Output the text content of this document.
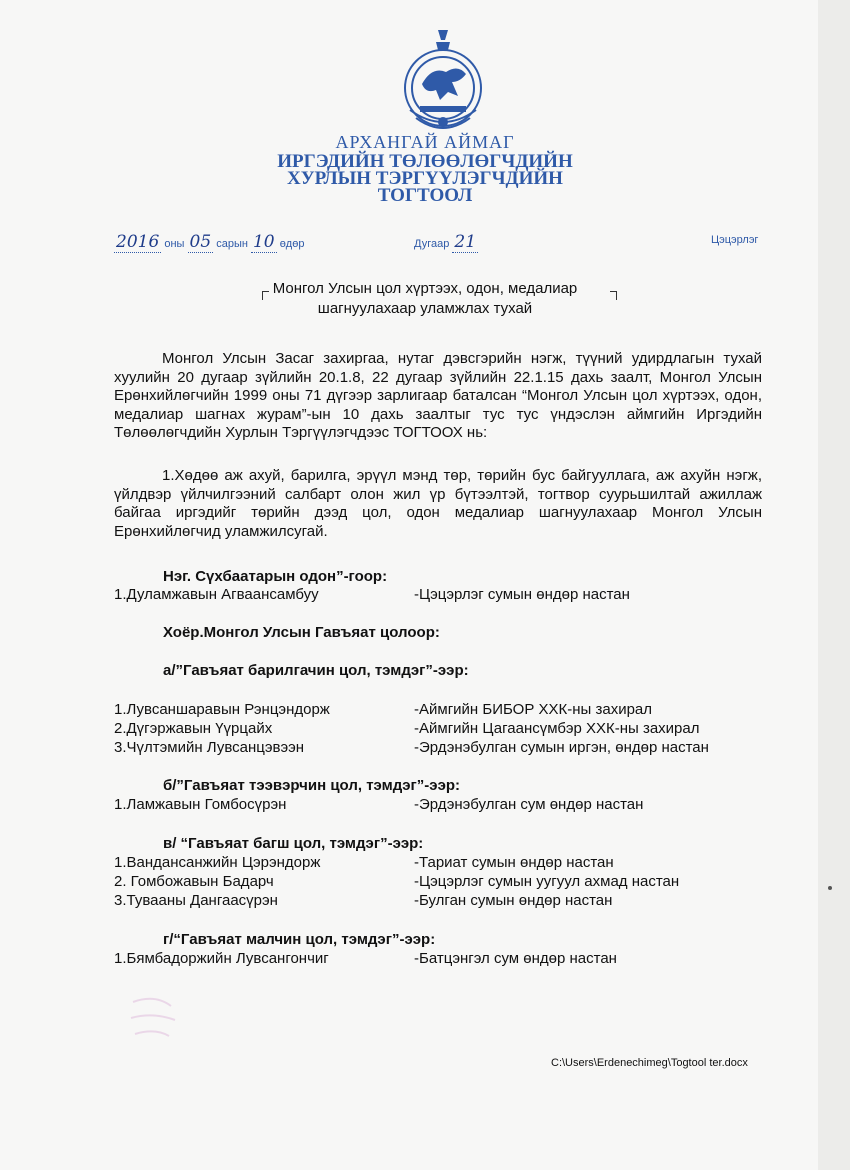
АРХАНГАЙ АЙМАГ
ИРГЭДИЙН ТӨЛӨӨЛӨГЧДИЙН
ХУРЛЫН ТЭРГҮҮЛЭГЧДИЙН
ТОГТООЛ
2016 оны 05 сарын 10 өдөр	Дугаар 21	Цэцэрлэг
Монгол Улсын цол хүртээх, одон, медалиар
шагнуулахаар уламжлах тухай
Монгол Улсын Засаг захиргаа, нутаг дэвсгэрийн нэгж, түүний удирдлагын тухай хуулийн 20 дугаар зүйлийн 20.1.8, 22 дугаар зүйлийн 22.1.15 дахь заалт, Монгол Улсын Ерөнхийлөгчийн 1999 оны 71 дүгээр зарлигаар баталсан “Монгол Улсын цол хүртээх, одон, медалиар шагнах журам”-ын 10 дахь заалтыг тус тус үндэслэн аймгийн Иргэдийн Төлөөлөгчдийн Хурлын Тэргүүлэгчдээс ТОГТООХ нь:
1.Хөдөө аж ахуй, барилга, эрүүл мэнд төр, төрийн бус байгууллага, аж ахуйн нэгж, үйлдвэр үйлчилгээний салбарт олон жил үр бүтээлтэй, тогтвор суурьшилтай ажиллаж байгаа иргэдийг төрийн дээд цол, одон медалиар шагнуулахаар Монгол Улсын Ерөнхийлөгчид уламжилсугай.
Нэг. Сүхбаатарын одон”-гоор:
1.Дуламжавын Агваансамбуу	-Цэцэрлэг сумын өндөр настан
Хоёр.Монгол Улсын Гавъяат цолоор:
а/”Гавъяат барилгачин цол, тэмдэг”-ээр:
1.Лувсаншаравын Рэнцэндорж	-Аймгийн БИБОР ХХК-ны захирал
2.Дүгэржавын Үүрцайх	-Аймгийн Цагаансүмбэр ХХК-ны захирал
3.Чүлтэмийн Лувсанцэвээн	-Эрдэнэбулган сумын иргэн, өндөр настан
б/”Гавъяат тээвэрчин цол, тэмдэг”-ээр:
1.Ламжавын Гомбосүрэн	-Эрдэнэбулган сум өндөр настан
в/ “Гавъяат багш цол, тэмдэг”-ээр:
1.Вандансанжийн Цэрэндорж	-Тариат сумын өндөр настан
2. Гомбожавын Бадарч	-Цэцэрлэг сумын уугуул ахмад настан
3.Туваaны Дангаасүрэн	-Булган сумын өндөр настан
г/“Гавъяат малчин цол, тэмдэг”-ээр:
1.Бямбадоржийн Лувсангончиг	-Батцэнгэл сум өндөр настан
C:\Users\Erdenechimeg\Togtool ter.docx
